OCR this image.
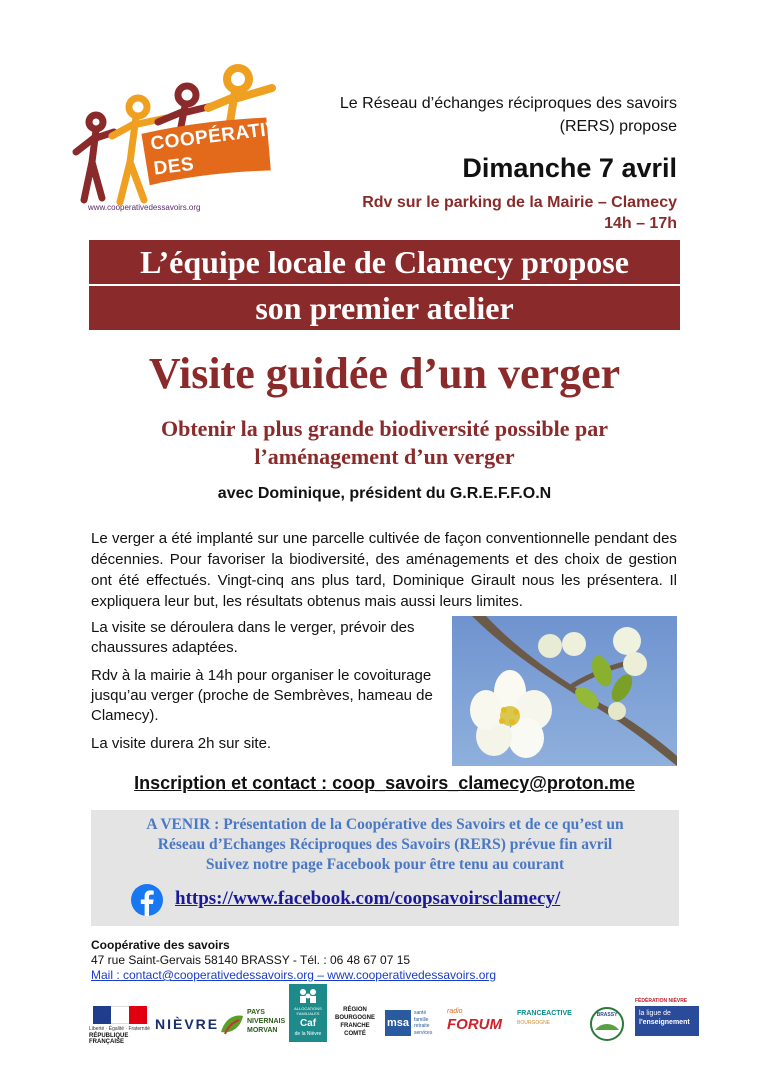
COOPÉRATIVE
DES SAVOIRS
www.cooperativedessavoirs.org
Le Réseau d’échanges réciproques des savoirs (RERS) propose
Dimanche 7 avril
Rdv sur le parking de la Mairie – Clamecy
14h – 17h
L’équipe locale de Clamecy propose
son premier atelier
Visite guidée d’un verger
Obtenir la plus grande biodiversité possible par
l’aménagement d’un verger
avec Dominique, président du G.R.E.F.F.O.N
Le verger a été implanté sur une parcelle cultivée de façon conventionnelle pendant des décennies. Pour favoriser la biodiversité, des aménagements et des choix de gestion ont été effectués. Vingt-cinq ans plus tard, Dominique Girault nous les présentera. Il expliquera leur but, les résultats obtenus mais aussi leurs limites.

La visite se déroulera dans le verger, prévoir des chaussures adaptées.

Rdv à la mairie à 14h pour organiser le covoiturage jusqu’au verger (proche de Sembrèves, hameau de Clamecy).

La visite durera 2h sur site.

Inscription et contact : coop_savoirs_clamecy@proton.me
A VENIR : Présentation de la Coopérative des Savoirs et de ce qu’est un
Réseau d’Echanges Réciproques des Savoirs (RERS) prévue fin avril
Suivez notre page Facebook pour être tenu au courant
https://www.facebook.com/coopsavoirsclamecy/
Coopérative des savoirs
47 rue Saint-Gervais 58140 BRASSY - Tél. : 06 48 67 07 15
Mail : contact@cooperativedessavoirs.org – www.cooperativedessavoirs.org
Liberté · Égalité · Fraternité
RÉPUBLIQUE FRANÇAISE
NIÈVRE
PAYS
NIVERNAIS
MORVAN
ALLOCATIONS FAMILIALES
Caf
de la Nièvre
RÉGION
BOURGOGNE
FRANCHE
COMTÉ
msa
santé
famille
retraite
services
radio
FORUM
FRANCEACTIVE
BOURGOGNE
BRASSY
FÉDÉRATION NIÈVRE
la ligue de
l'enseignement
